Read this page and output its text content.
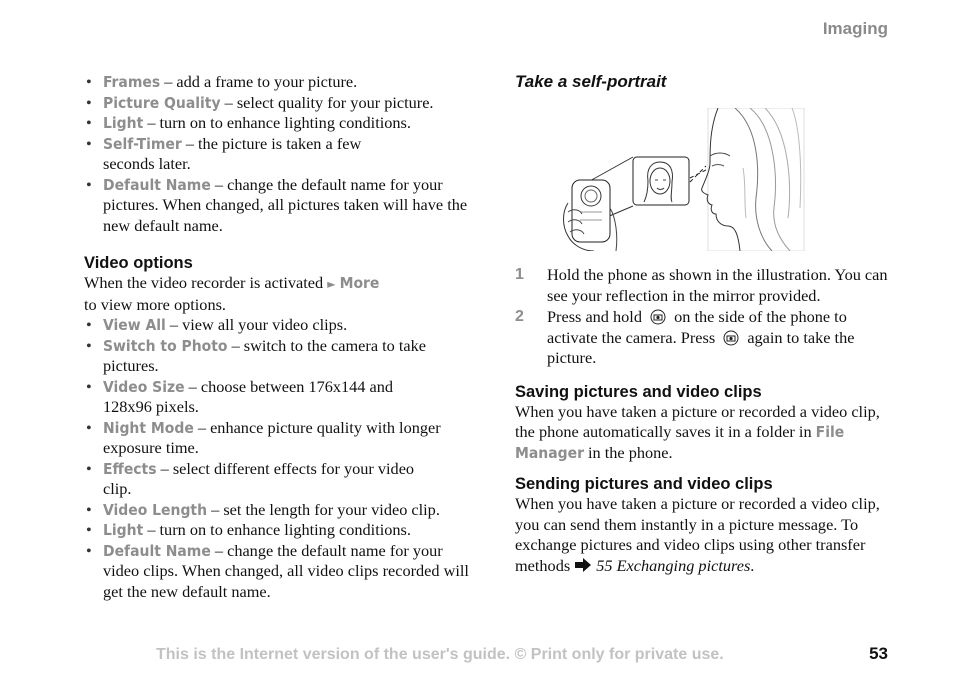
Imaging
• Frames – add a frame to your picture.
• Picture Quality – select quality for your picture.
• Light – turn on to enhance lighting conditions.
• Self-Timer – the picture is taken a few seconds later.
• Default Name – change the default name for your pictures. When changed, all pictures taken will have the new default name.
Video options

When the video recorder is activated ► More
to view more options.

• View All – view all your video clips.
• Switch to Photo – switch to the camera to take pictures.
• Video Size – choose between 176x144 and 128x96 pixels.
• Night Mode – enhance picture quality with longer exposure time.
• Effects – select different effects for your video clip.
• Video Length – set the length for your video clip.
• Light – turn on to enhance lighting conditions.
• Default Name – change the default name for your video clips. When changed, all video clips recorded will get the new default name.
Take a self-portrait
1 Hold the phone as shown in the illustration. You can see your reflection in the mirror provided.
2 Press and hold on the side of the phone to activate the camera. Press again to take the picture.
Saving pictures and video clips

When you have taken a picture or recorded a video clip, the phone automatically saves it in a folder in File Manager in the phone.

Sending pictures and video clips

When you have taken a picture or recorded a video clip, you can send them instantly in a picture message. To exchange pictures and video clips using other transfer methods 55 Exchanging pictures.

This is the Internet version of the user's guide. © Print only for private use.	53
